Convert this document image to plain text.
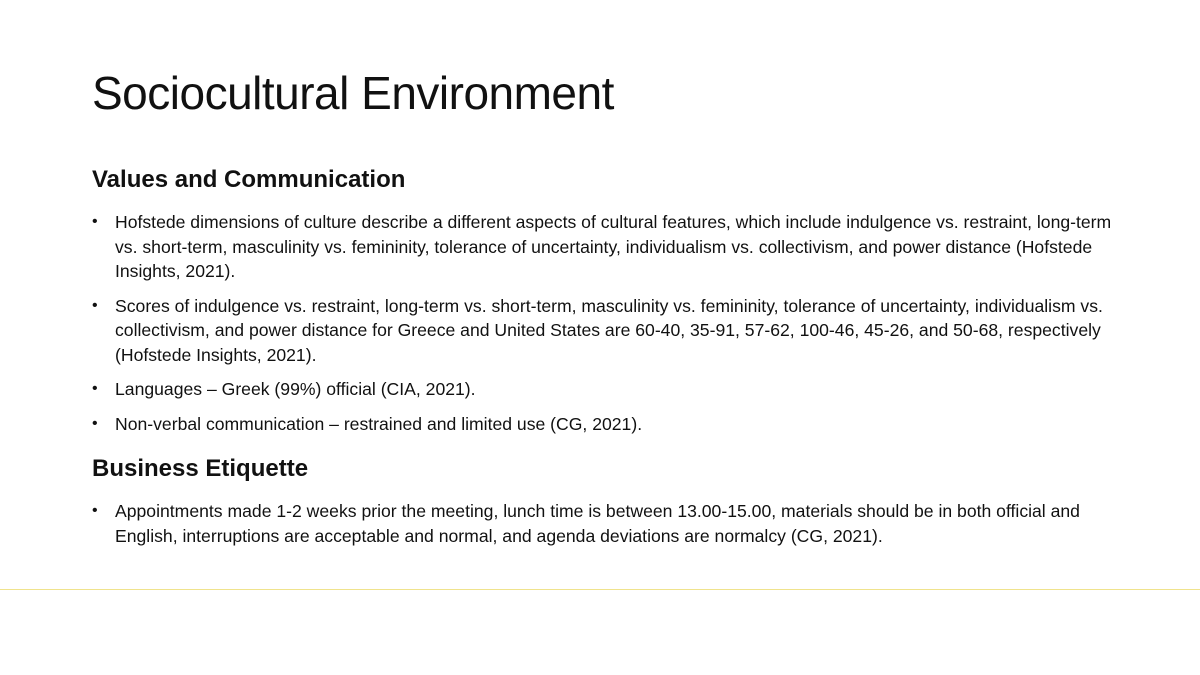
Sociocultural Environment
Values and Communication
• Hofstede dimensions of culture describe a different aspects of cultural features, which include indulgence vs. restraint, long-term vs. short-term, masculinity vs. femininity, tolerance of uncertainty, individualism vs. collectivism, and power distance (Hofstede Insights, 2021).
• Scores of indulgence vs. restraint, long-term vs. short-term, masculinity vs. femininity, tolerance of uncertainty, individualism vs. collectivism, and power distance for Greece and United States are 60-40, 35-91, 57-62, 100-46, 45-26, and 50-68, respectively (Hofstede Insights, 2021).
• Languages – Greek (99%) official (CIA, 2021).
• Non-verbal communication – restrained and limited use (CG, 2021).
Business Etiquette
• Appointments made 1-2 weeks prior the meeting, lunch time is between 13.00-15.00, materials should be in both official and English, interruptions are acceptable and normal, and agenda deviations are normalcy (CG, 2021).
